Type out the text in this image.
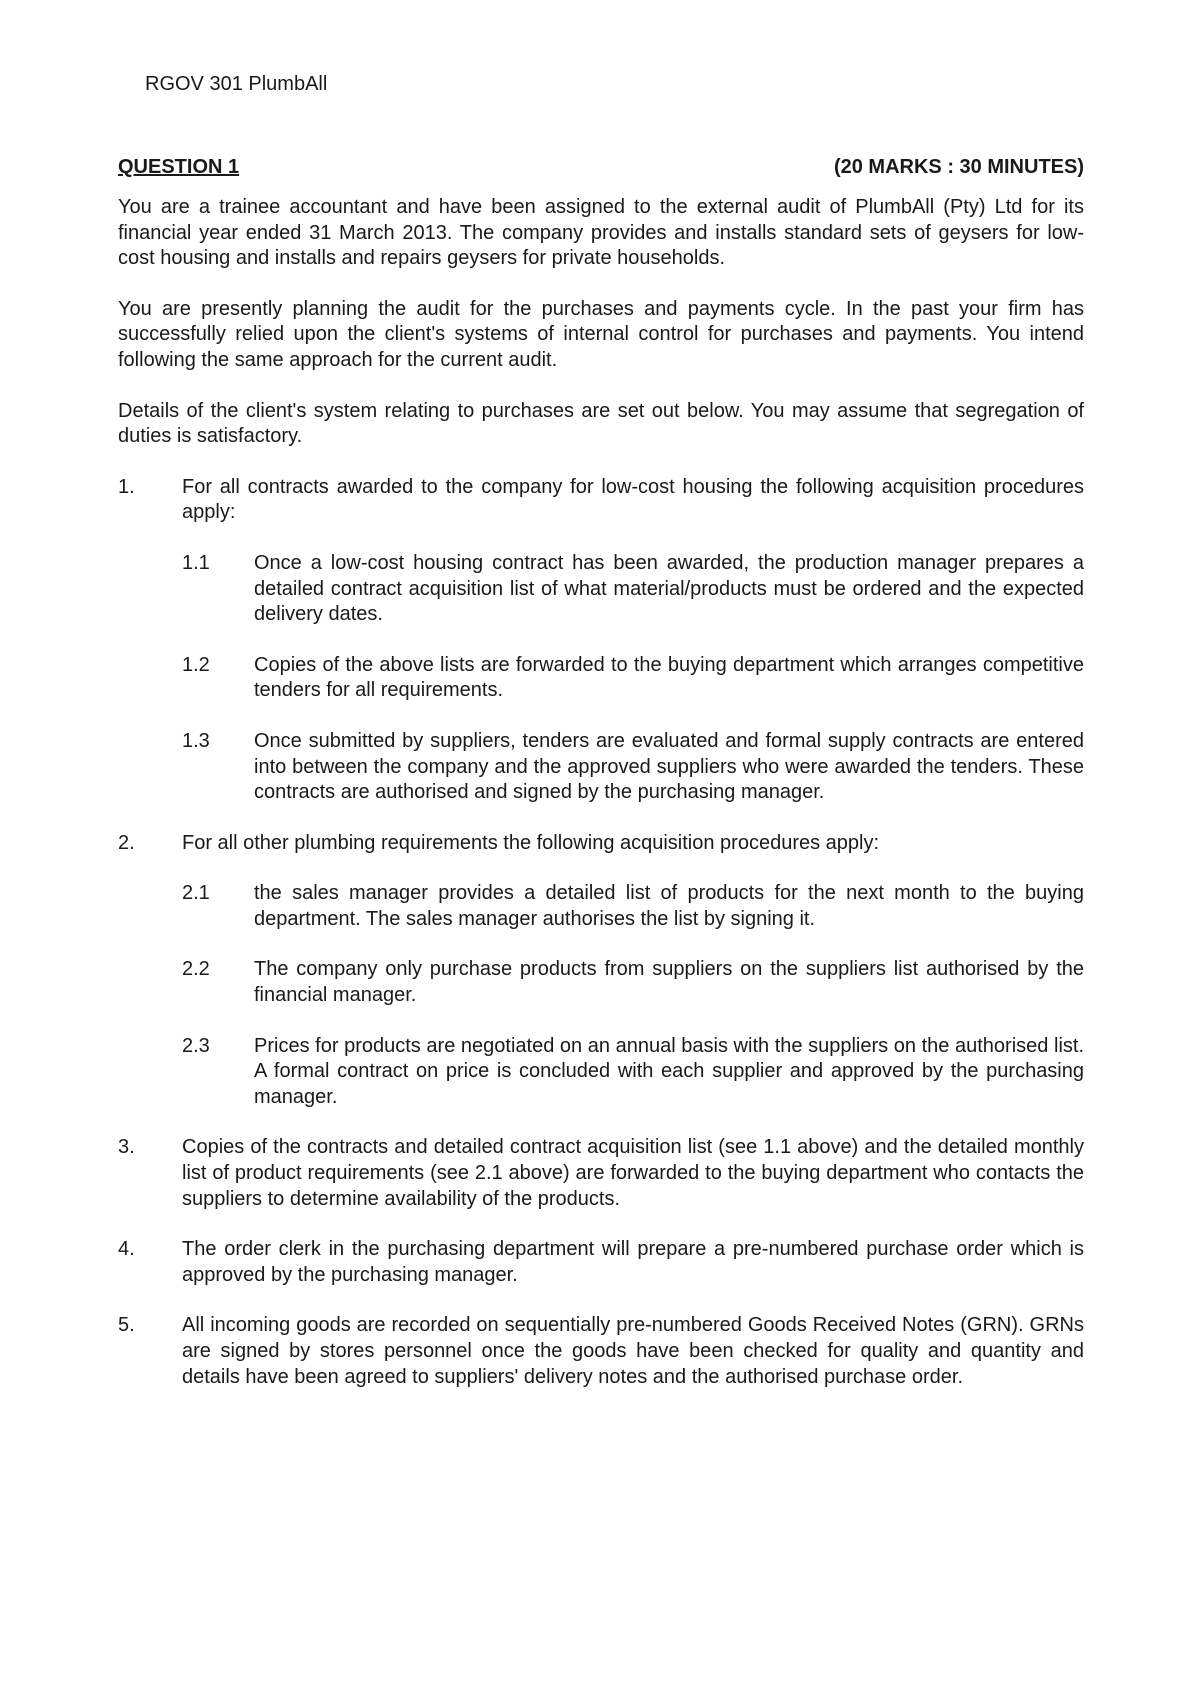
RGOV 301 PlumbAll
QUESTION 1	(20 MARKS : 30 MINUTES)

You are a trainee accountant and have been assigned to the external audit of PlumbAll (Pty) Ltd for its financial year ended 31 March 2013. The company provides and installs standard sets of geysers for low-cost housing and installs and repairs geysers for private households.

You are presently planning the audit for the purchases and payments cycle. In the past your firm has successfully relied upon the client's systems of internal control for purchases and payments. You intend following the same approach for the current audit.

Details of the client's system relating to purchases are set out below. You may assume that segregation of duties is satisfactory.

1.	For all contracts awarded to the company for low-cost housing the following acquisition procedures apply:
1.1	Once a low-cost housing contract has been awarded, the production manager prepares a detailed contract acquisition list of what material/products must be ordered and the expected delivery dates.
1.2	Copies of the above lists are forwarded to the buying department which arranges competitive tenders for all requirements.
1.3	Once submitted by suppliers, tenders are evaluated and formal supply contracts are entered into between the company and the approved suppliers who were awarded the tenders. These contracts are authorised and signed by the purchasing manager.
2.	For all other plumbing requirements the following acquisition procedures apply:
2.1	the sales manager provides a detailed list of products for the next month to the buying department. The sales manager authorises the list by signing it.
2.2	The company only purchase products from suppliers on the suppliers list authorised by the financial manager.
2.3	Prices for products are negotiated on an annual basis with the suppliers on the authorised list. A formal contract on price is concluded with each supplier and approved by the purchasing manager.
3.	Copies of the contracts and detailed contract acquisition list (see 1.1 above) and the detailed monthly list of product requirements (see 2.1 above) are forwarded to the buying department who contacts the suppliers to determine availability of the products.
4.	The order clerk in the purchasing department will prepare a pre-numbered purchase order which is approved by the purchasing manager.
5.	All incoming goods are recorded on sequentially pre-numbered Goods Received Notes (GRN). GRNs are signed by stores personnel once the goods have been checked for quality and quantity and details have been agreed to suppliers' delivery notes and the authorised purchase order.
